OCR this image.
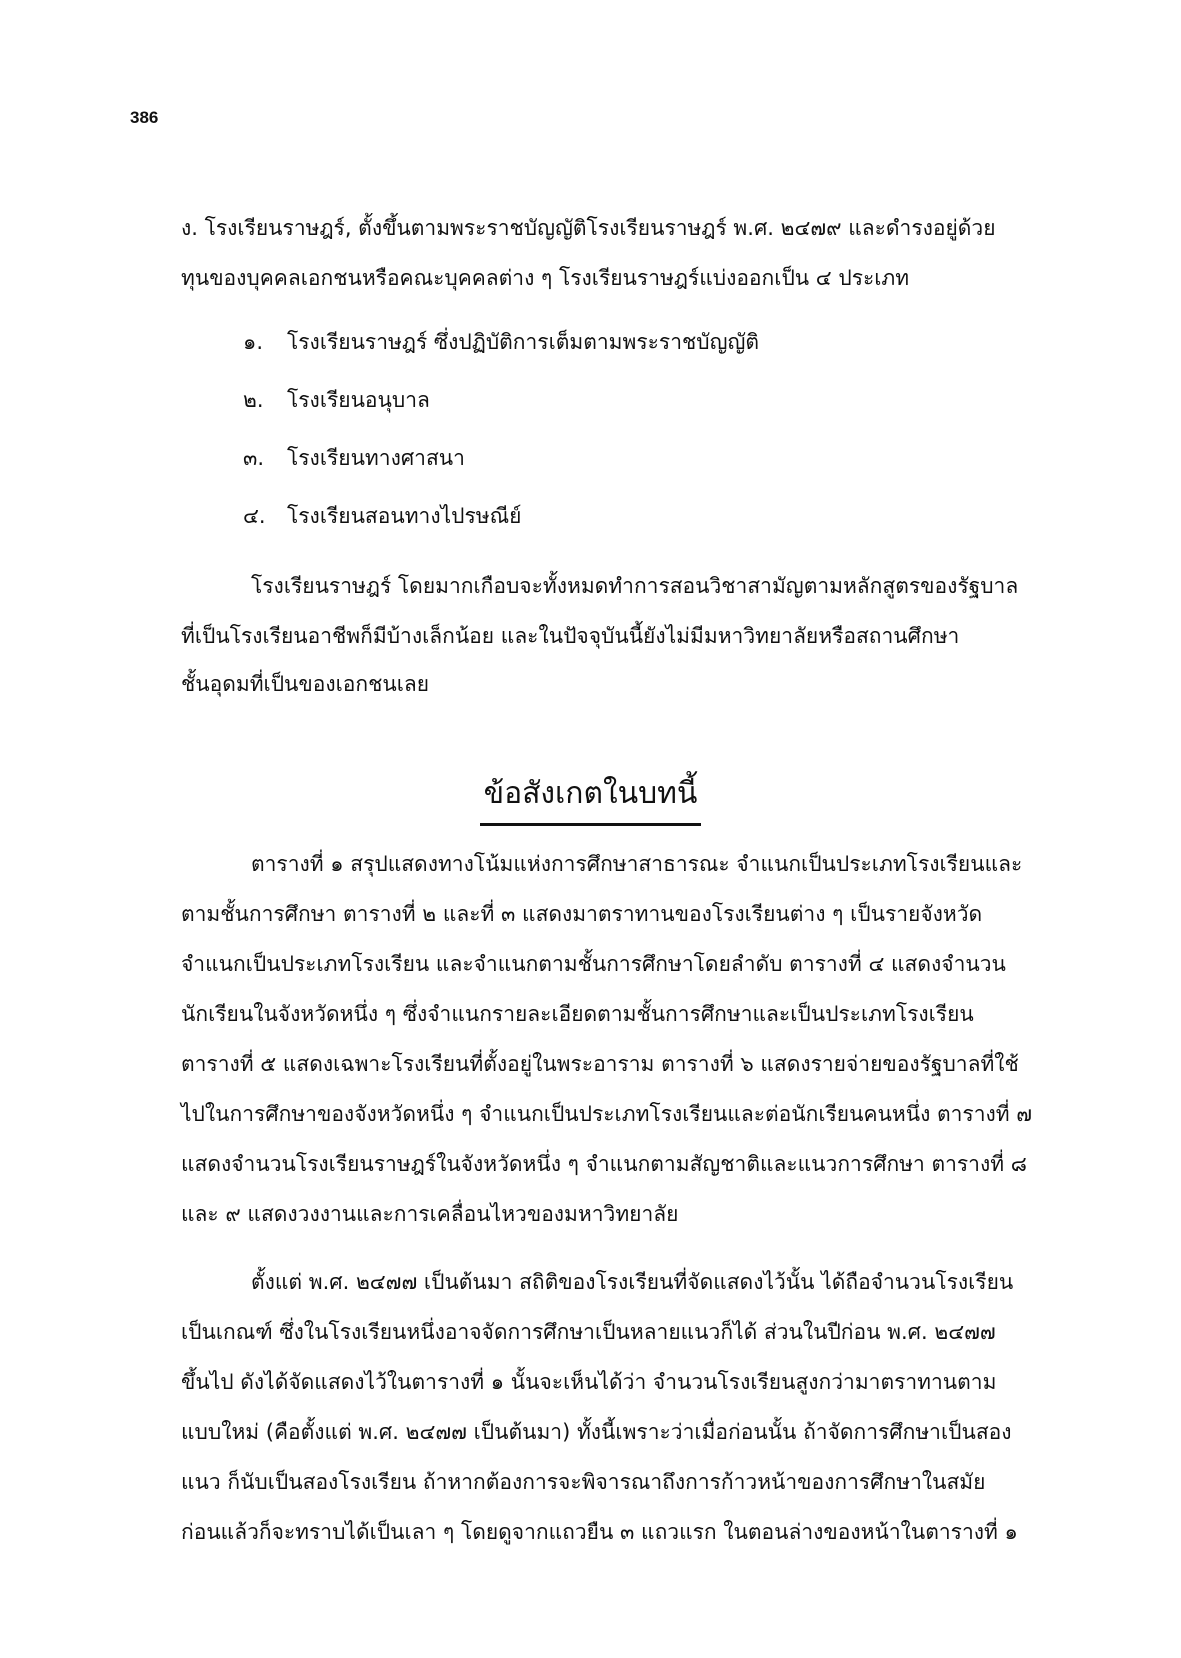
386
ง. โรงเรียนราษฎร์, ตั้งขึ้นตามพระราชบัญญัติโรงเรียนราษฎร์ พ.ศ. ๒๔๗๙ และดำรงอยู่ด้วย
ทุนของบุคคลเอกชนหรือคณะบุคคลต่าง ๆ โรงเรียนราษฎร์แบ่งออกเป็น ๔ ประเภท
๑. โรงเรียนราษฎร์ ซึ่งปฏิบัติการเต็มตามพระราชบัญญัติ
๒. โรงเรียนอนุบาล
๓. โรงเรียนทางศาสนา
๔. โรงเรียนสอนทางไปรษณีย์
โรงเรียนราษฎร์ โดยมากเกือบจะทั้งหมดทำการสอนวิชาสามัญตามหลักสูตรของรัฐบาล
ที่เป็นโรงเรียนอาชีพก็มีบ้างเล็กน้อย และในปัจจุบันนี้ยังไม่มีมหาวิทยาลัยหรือสถานศึกษา
ชั้นอุดมที่เป็นของเอกชนเลย
ข้อสังเกตในบทนี้
ตารางที่ ๑ สรุปแสดงทางโน้มแห่งการศึกษาสาธารณะ จำแนกเป็นประเภทโรงเรียนและ
ตามชั้นการศึกษา ตารางที่ ๒ และที่ ๓ แสดงมาตราทานของโรงเรียนต่าง ๆ เป็นรายจังหวัด
จำแนกเป็นประเภทโรงเรียน และจำแนกตามชั้นการศึกษาโดยลำดับ ตารางที่ ๔ แสดงจำนวน
นักเรียนในจังหวัดหนึ่ง ๆ ซึ่งจำแนกรายละเอียดตามชั้นการศึกษาและเป็นประเภทโรงเรียน
ตารางที่ ๕ แสดงเฉพาะโรงเรียนที่ตั้งอยู่ในพระอาราม ตารางที่ ๖ แสดงรายจ่ายของรัฐบาลที่ใช้
ไปในการศึกษาของจังหวัดหนึ่ง ๆ จำแนกเป็นประเภทโรงเรียนและต่อนักเรียนคนหนึ่ง ตารางที่ ๗
แสดงจำนวนโรงเรียนราษฎร์ในจังหวัดหนึ่ง ๆ จำแนกตามสัญชาติและแนวการศึกษา ตารางที่ ๘
และ ๙ แสดงวงงานและการเคลื่อนไหวของมหาวิทยาลัย
ตั้งแต่ พ.ศ. ๒๔๗๗ เป็นต้นมา สถิติของโรงเรียนที่จัดแสดงไว้นั้น ได้ถือจำนวนโรงเรียน
เป็นเกณฑ์ ซึ่งในโรงเรียนหนึ่งอาจจัดการศึกษาเป็นหลายแนวก็ได้ ส่วนในปีก่อน พ.ศ. ๒๔๗๗
ขึ้นไป ดังได้จัดแสดงไว้ในตารางที่ ๑ นั้นจะเห็นได้ว่า จำนวนโรงเรียนสูงกว่ามาตราทานตาม
แบบใหม่ (คือตั้งแต่ พ.ศ. ๒๔๗๗ เป็นต้นมา) ทั้งนี้เพราะว่าเมื่อก่อนนั้น ถ้าจัดการศึกษาเป็นสอง
แนว ก็นับเป็นสองโรงเรียน ถ้าหากต้องการจะพิจารณาถึงการก้าวหน้าของการศึกษาในสมัย
ก่อนแล้วก็จะทราบได้เป็นเลา ๆ โดยดูจากแถวยืน ๓ แถวแรก ในตอนล่างของหน้าในตารางที่ ๑
